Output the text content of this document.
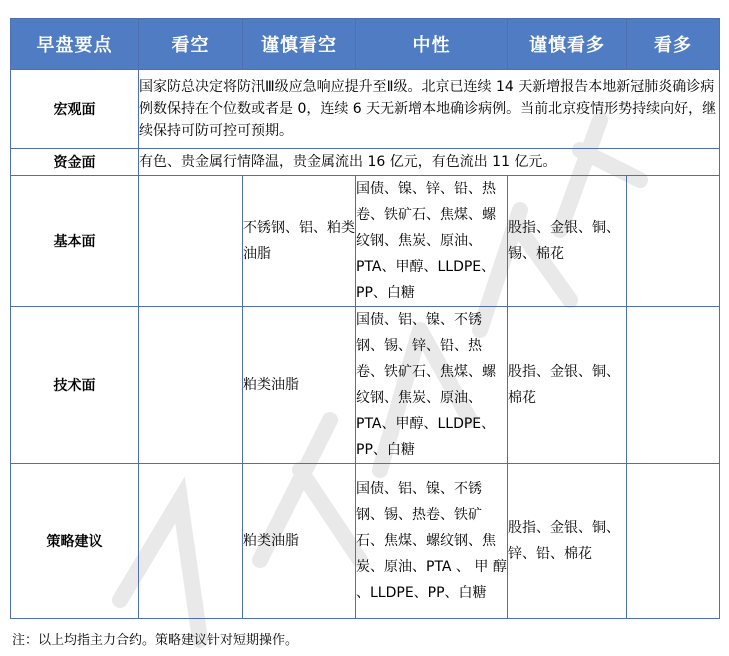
早盘要点	看空	谨慎看空	中性	谨慎看多	看多
宏观面	国家防总决定将防汛Ⅲ级应急响应提升至Ⅱ级。北京已连续 14 天新增报告本地新冠肺炎确诊病例数保持在个位数或者是 0，连续 6 天无新增本地确诊病例。当前北京疫情形势持续向好，继续保持可防可控可预期。				
资金面	有色、贵金属行情降温，贵金属流出 16 亿元，有色流出 11 亿元。				
基本面		不锈钢、铝、粕类油脂	国债、镍、锌、铅、热卷、铁矿石、焦煤、螺纹钢、焦炭、原油、PTA、甲醇、LLDPE、PP、白糖	股指、金银、铜、锡、棉花	
技术面		粕类油脂	国债、铝、镍、不锈钢、锡、锌、铅、热卷、铁矿石、焦煤、螺纹钢、焦炭、原油、PTA、甲醇、LLDPE、PP、白糖	股指、金银、铜、棉花	
策略建议		粕类油脂	国债、铝、镍、不锈钢、锡、热卷、铁矿石、焦煤、螺纹钢、焦炭、原油、PTA 、 甲 醇 、LLDPE、PP、白糖	股指、金银、铜、锌、铅、棉花	
注：以上均指主力合约。策略建议针对短期操作。
